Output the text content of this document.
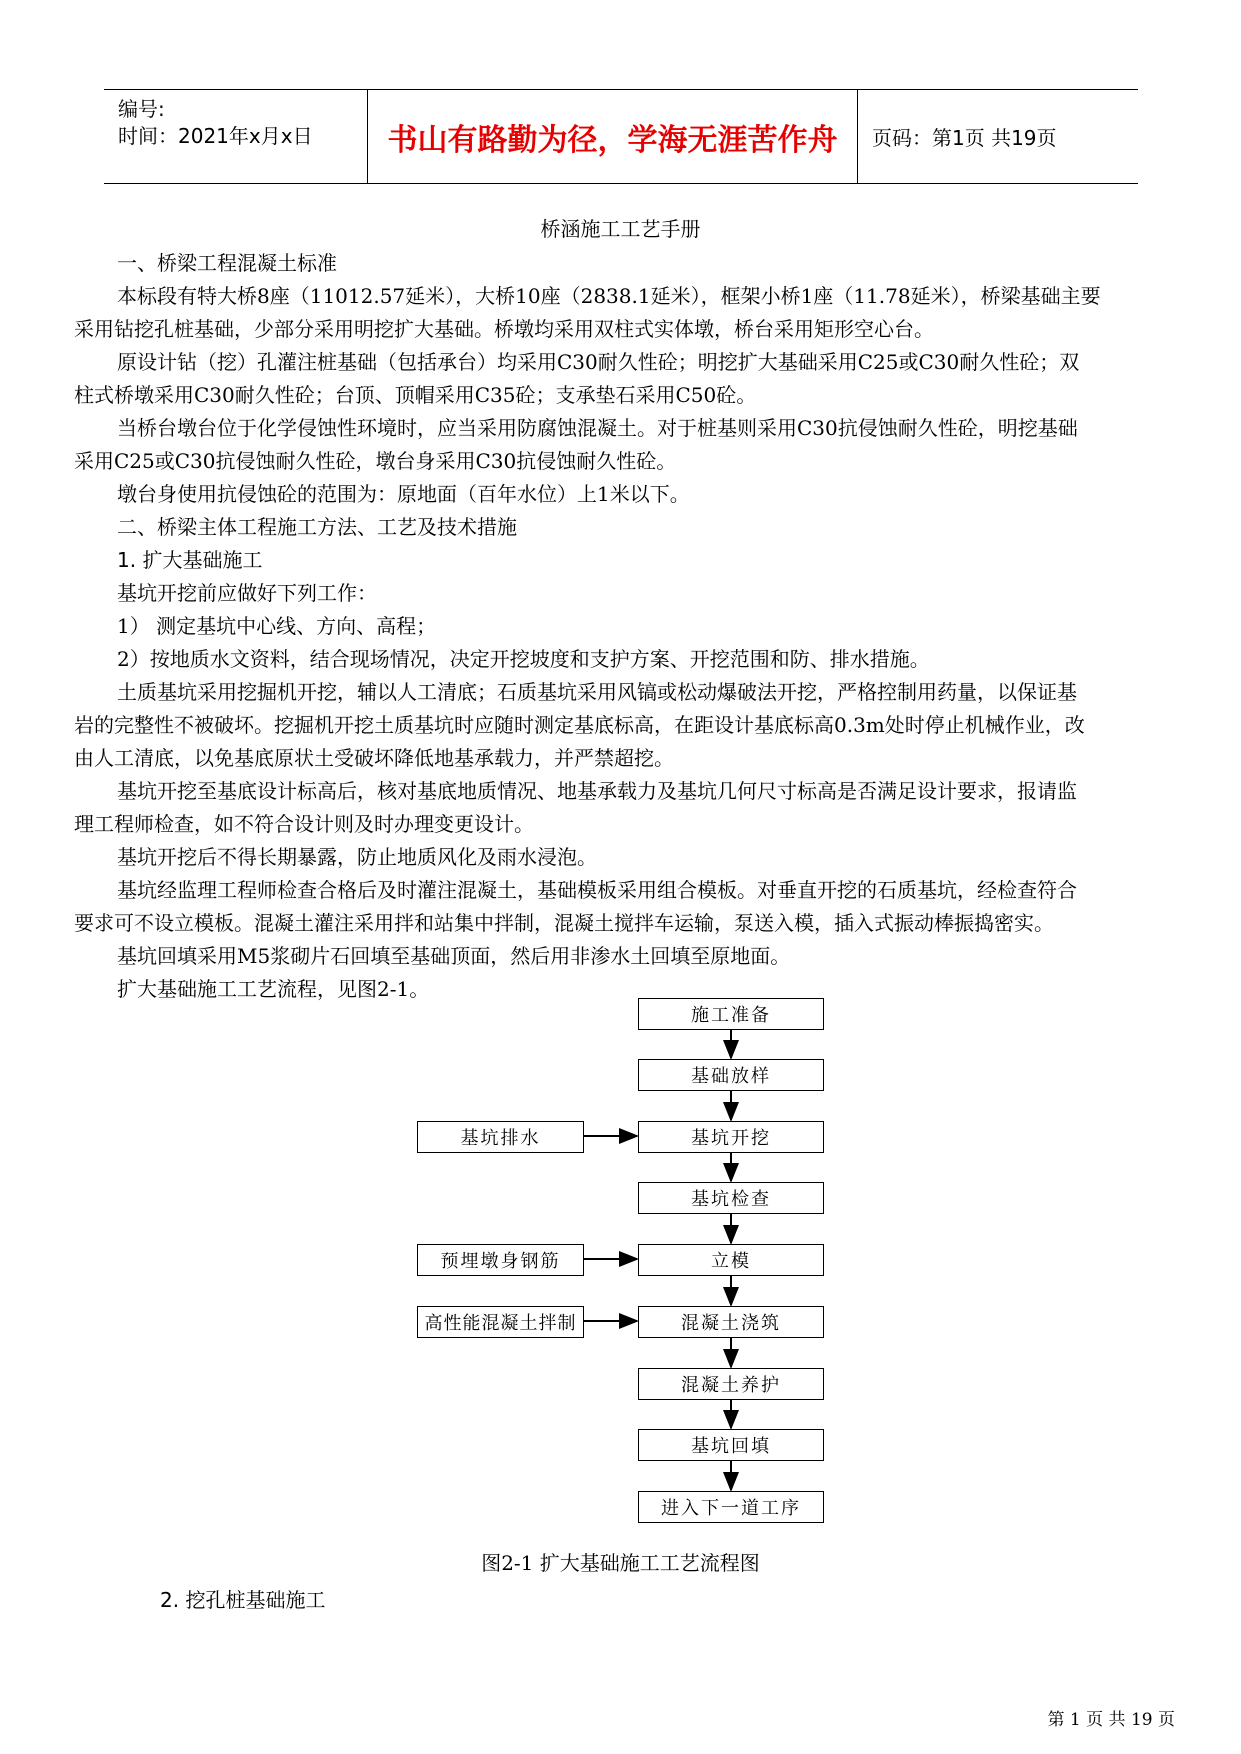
编号:
时间：2021年x月x日	书山有路勤为径，学海无涯苦作舟 页码：第1页 共19页
桥涵施工工艺手册
一、桥梁工程混凝土标准
本标段有特大桥8座（11012.57延米），大桥10座（2838.1延米），框架小桥1座（11.78延米），桥梁基础主要
采用钻挖孔桩基础，少部分采用明挖扩大基础。桥墩均采用双柱式实体墩，桥台采用矩形空心台。
原设计钻（挖）孔灌注桩基础（包括承台）均采用C30耐久性砼；明挖扩大基础采用C25或C30耐久性砼；双
柱式桥墩采用C30耐久性砼；台顶、顶帽采用C35砼；支承垫石采用C50砼。
当桥台墩台位于化学侵蚀性环境时，应当采用防腐蚀混凝土。对于桩基则采用C30抗侵蚀耐久性砼，明挖基础
采用C25或C30抗侵蚀耐久性砼，墩台身采用C30抗侵蚀耐久性砼。
墩台身使用抗侵蚀砼的范围为：原地面（百年水位）上1米以下。
二、桥梁主体工程施工方法、工艺及技术措施
1. 扩大基础施工
基坑开挖前应做好下列工作：
1） 测定基坑中心线、方向、高程；
2）按地质水文资料，结合现场情况，决定开挖坡度和支护方案、开挖范围和防、排水措施。
土质基坑采用挖掘机开挖，辅以人工清底；石质基坑采用风镐或松动爆破法开挖，严格控制用药量，以保证基
岩的完整性不被破坏。挖掘机开挖土质基坑时应随时测定基底标高，在距设计基底标高0.3m处时停止机械作业，改
由人工清底，以免基底原状土受破坏降低地基承载力，并严禁超挖。
基坑开挖至基底设计标高后，核对基底地质情况、地基承载力及基坑几何尺寸标高是否满足设计要求，报请监
理工程师检查，如不符合设计则及时办理变更设计。
基坑开挖后不得长期暴露，防止地质风化及雨水浸泡。
基坑经监理工程师检查合格后及时灌注混凝土，基础模板采用组合模板。对垂直开挖的石质基坑，经检查符合
要求可不设立模板。混凝土灌注采用拌和站集中拌制，混凝土搅拌车运输，泵送入模，插入式振动棒振捣密实。
基坑回填采用M5浆砌片石回填至基础顶面，然后用非渗水土回填至原地面。
扩大基础施工工艺流程，见图2-1。
施工准备
基础放样
基坑开挖
基坑检查
立模
混凝土浇筑
混凝土养护
基坑回填
进入下一道工序
基坑排水
预埋墩身钢筋
高性能混凝土拌制
图2-1 扩大基础施工工艺流程图
2. 挖孔桩基础施工
第 1 页 共 19 页
